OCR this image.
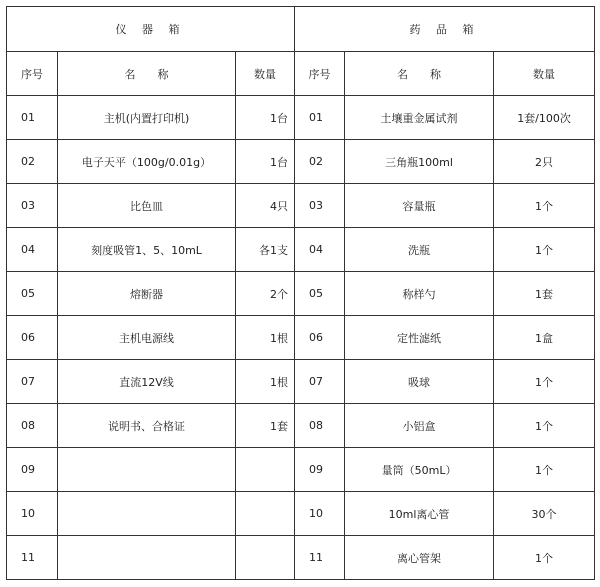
仪 器 箱			药 品 箱		
序号	名　　称	数量	序号	名　　称	数量
01	主机(内置打印机)	1台	01	土壤重金属试剂	1套/100次
02	电子天平（100g/0.01g）	1台	02	三角瓶100ml	2只
03	比色皿	4只	03	容量瓶	1个
04	刻度吸管1、5、10mL	各1支	04	洗瓶	1个
05	熔断器	2个	05	称样勺	1套
06	主机电源线	1根	06	定性滤纸	1盒
07	直流12V线	1根	07	吸球	1个
08	说明书、合格证	1套	08	小铝盒	1个
09			09	量筒（50mL）	1个
10			10	10ml离心管	30个
11			11	离心管架	1个
